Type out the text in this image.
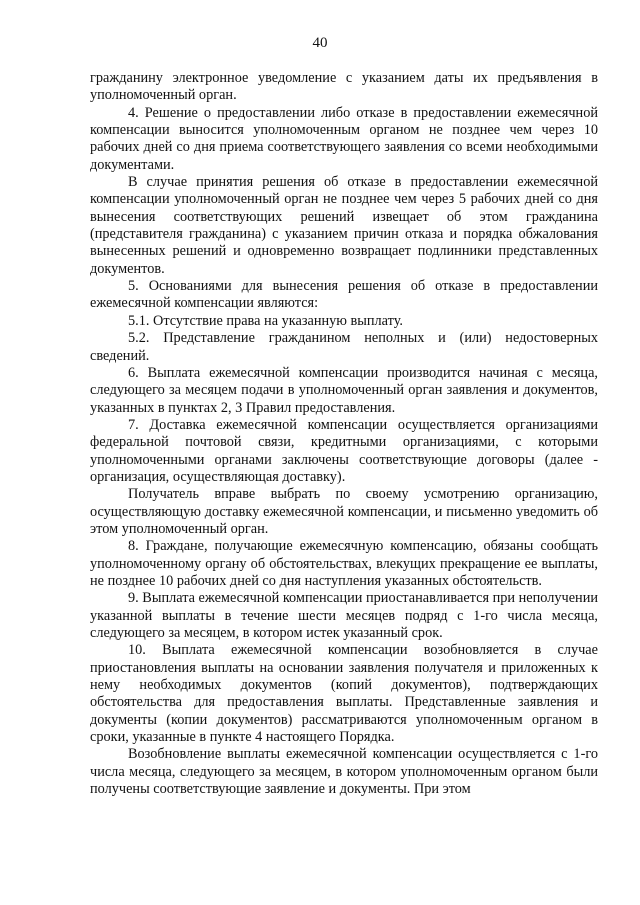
40

гражданину электронное уведомление с указанием даты их предъявления в уполномоченный орган.

4. Решение о предоставлении либо отказе в предоставлении ежемесячной компенсации выносится уполномоченным органом не позднее чем через 10 рабочих дней со дня приема соответствующего заявления со всеми необходимыми документами.

В случае принятия решения об отказе в предоставлении ежемесячной компенсации уполномоченный орган не позднее чем через 5 рабочих дней со дня вынесения соответствующих решений извещает об этом гражданина (представителя гражданина) с указанием причин отказа и порядка обжалования вынесенных решений и одновременно возвращает подлинники представленных документов.

5. Основаниями для вынесения решения об отказе в предоставлении ежемесячной компенсации являются:

5.1. Отсутствие права на указанную выплату.

5.2. Представление гражданином неполных и (или) недостоверных сведений.

6. Выплата ежемесячной компенсации производится начиная с месяца, следующего за месяцем подачи в уполномоченный орган заявления и документов, указанных в пунктах 2, 3 Правил предоставления.

7. Доставка ежемесячной компенсации осуществляется организациями федеральной почтовой связи, кредитными организациями, с которыми уполномоченными органами заключены соответствующие договоры (далее - организация, осуществляющая доставку).

Получатель вправе выбрать по своему усмотрению организацию, осуществляющую доставку ежемесячной компенсации, и письменно уведомить об этом уполномоченный орган.

8. Граждане, получающие ежемесячную компенсацию, обязаны сообщать уполномоченному органу об обстоятельствах, влекущих прекращение ее выплаты, не позднее 10 рабочих дней со дня наступления указанных обстоятельств.

9. Выплата ежемесячной компенсации приостанавливается при неполучении указанной выплаты в течение шести месяцев подряд с 1-го числа месяца, следующего за месяцем, в котором истек указанный срок.

10. Выплата ежемесячной компенсации возобновляется в случае приостановления выплаты на основании заявления получателя и приложенных к нему необходимых документов (копий документов), подтверждающих обстоятельства для предоставления выплаты. Представленные заявления и документы (копии документов) рассматриваются уполномоченным органом в сроки, указанные в пункте 4 настоящего Порядка.

Возобновление выплаты ежемесячной компенсации осуществляется с 1-го числа месяца, следующего за месяцем, в котором уполномоченным органом были получены соответствующие заявление и документы. При этом
